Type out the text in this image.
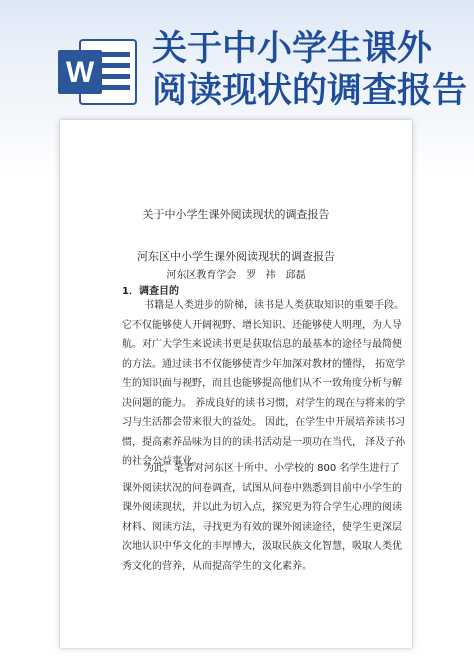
W
关于中小学生课外
阅读现状的调查报告
关于中小学生课外阅读现状的调查报告
河东区中小学生课外阅读现状的调查报告
河东区教育学会　罗 祎　邱磊
1．调查目的
书籍是人类进步的阶梯，读书是人类获取知识的重要手段。
它不仅能够使人开阔视野、增长知识、还能够使人明理，为人导
航。对广大学生来说读书更是获取信息的最基本的途径与最简便
的方法。通过读书不仅能够使青少年加深对教材的懂得， 拓宽学
生的知识面与视野，而且也能够提高他们从不一致角度分析与解
决问题的能力。 养成良好的读书习惯，对学生的现在与将来的学
习与生活都会带来很大的益处。 因此，在学生中开展培养读书习
惯，提高素养品味为目的的读书活动是一项功在当代， 泽及子孙
的社会公益事业。
为此，笔者对河东区十所中、小学校的 800 名学生进行了
课外阅读状况的问卷调查，试图从问卷中熟悉到目前中小学生的
课外阅读现状，并以此为切入点，探究更为符合学生心理的阅读
材料、阅读方法，寻找更为有效的课外阅读途径，使学生更深层
次地认识中华文化的丰厚博大，汲取民族文化智慧，吸取人类优
秀文化的营养，从而提高学生的文化素养。
